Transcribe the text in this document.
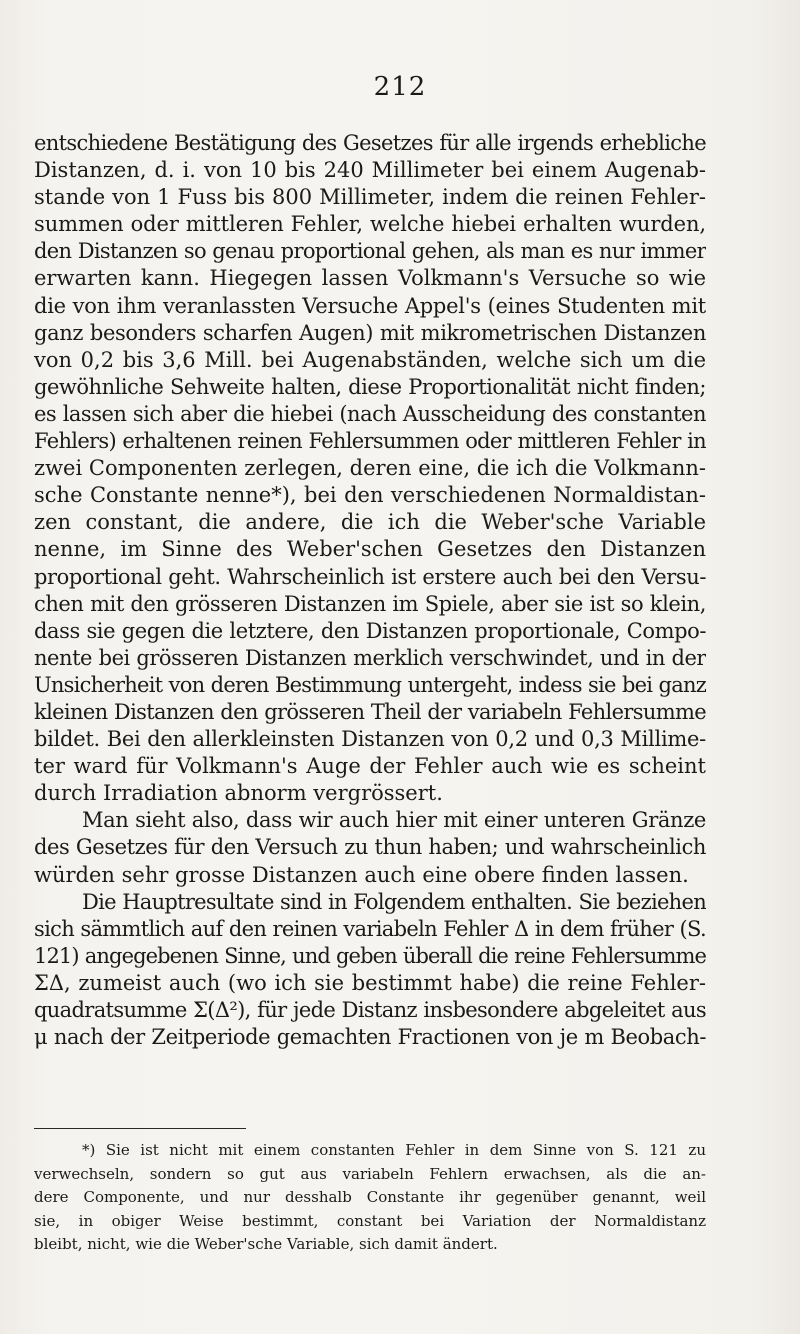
212
entschiedene Bestätigung des Gesetzes für alle irgends erhebliche
Distanzen, d. i. von 10 bis 240 Millimeter bei einem Augenab-
stande von 1 Fuss bis 800 Millimeter, indem die reinen Fehler-
summen oder mittleren Fehler, welche hiebei erhalten wurden,
den Distanzen so genau proportional gehen, als man es nur immer
erwarten kann. Hiegegen lassen Volkmann's Versuche so wie
die von ihm veranlassten Versuche Appel's (eines Studenten mit
ganz besonders scharfen Augen) mit mikrometrischen Distanzen
von 0,2 bis 3,6 Mill. bei Augenabständen, welche sich um die
gewöhnliche Sehweite halten, diese Proportionalität nicht finden;
es lassen sich aber die hiebei (nach Ausscheidung des constanten
Fehlers) erhaltenen reinen Fehlersummen oder mittleren Fehler in
zwei Componenten zerlegen, deren eine, die ich die Volkmann-
sche Constante nenne*), bei den verschiedenen Normaldistan-
zen constant, die andere, die ich die Weber'sche Variable
nenne, im Sinne des Weber'schen Gesetzes den Distanzen
proportional geht. Wahrscheinlich ist erstere auch bei den Versu-
chen mit den grösseren Distanzen im Spiele, aber sie ist so klein,
dass sie gegen die letztere, den Distanzen proportionale, Compo-
nente bei grösseren Distanzen merklich verschwindet, und in der
Unsicherheit von deren Bestimmung untergeht, indess sie bei ganz
kleinen Distanzen den grösseren Theil der variabeln Fehlersumme
bildet. Bei den allerkleinsten Distanzen von 0,2 und 0,3 Millime-
ter ward für Volkmann's Auge der Fehler auch wie es scheint
durch Irradiation abnorm vergrössert.
Man sieht also, dass wir auch hier mit einer unteren Gränze
des Gesetzes für den Versuch zu thun haben; und wahrscheinlich
würden sehr grosse Distanzen auch eine obere finden lassen.
Die Hauptresultate sind in Folgendem enthalten. Sie beziehen
sich sämmtlich auf den reinen variabeln Fehler Δ in dem früher (S.
121) angegebenen Sinne, und geben überall die reine Fehlersumme
ΣΔ, zumeist auch (wo ich sie bestimmt habe) die reine Fehler-
quadratsumme Σ(Δ²), für jede Distanz insbesondere abgeleitet aus
μ nach der Zeitperiode gemachten Fractionen von je m Beobach-
*) Sie ist nicht mit einem constanten Fehler in dem Sinne von S. 121 zu
verwechseln, sondern so gut aus variabeln Fehlern erwachsen, als die an-
dere Componente, und nur desshalb Constante ihr gegenüber genannt, weil
sie, in obiger Weise bestimmt, constant bei Variation der Normaldistanz
bleibt, nicht, wie die Weber'sche Variable, sich damit ändert.
